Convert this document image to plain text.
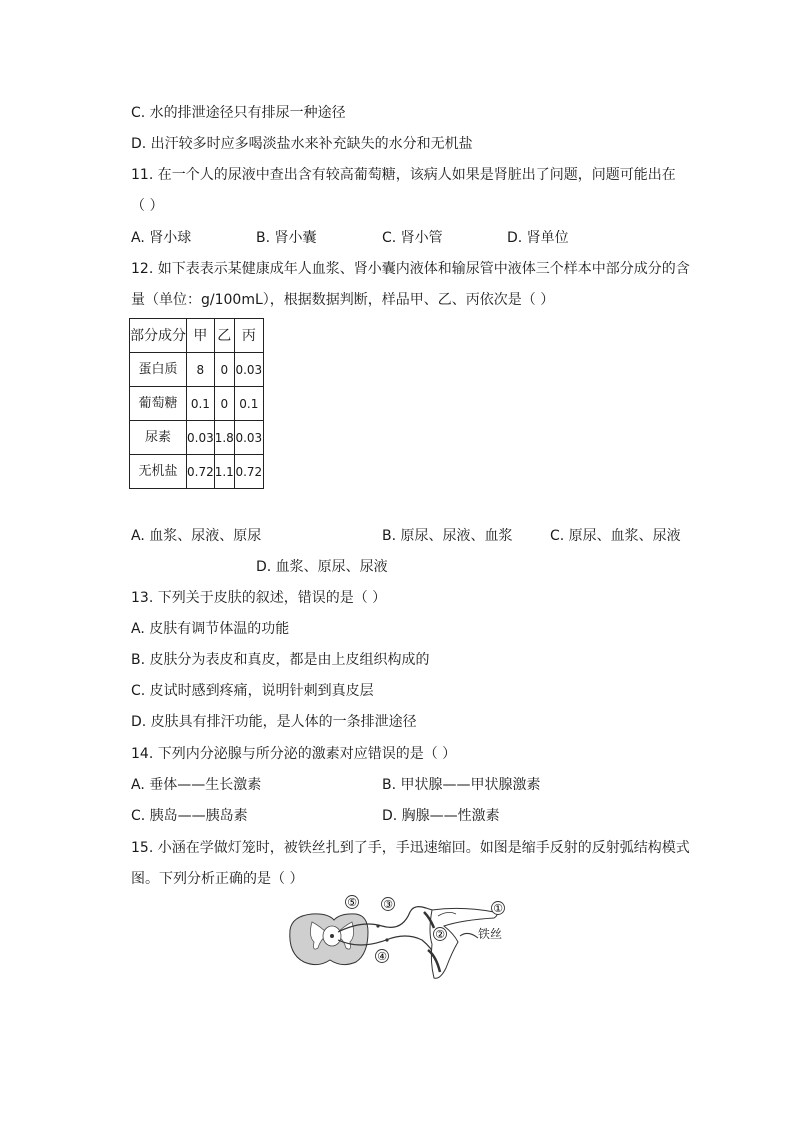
C. 水的排泄途径只有排尿一种途径
D. 出汗较多时应多喝淡盐水来补充缺失的水分和无机盐
11. 在一个人的尿液中查出含有较高葡萄糖，该病人如果是肾脏出了问题，问题可能出在
（ ）
A. 肾小球	B. 肾小囊	C. 肾小管	D. 肾单位
12. 如下表表示某健康成年人血浆、肾小囊内液体和输尿管中液体三个样本中部分成分的含
量（单位：g/100mL），根据数据判断，样品甲、乙、丙依次是（ ）
部分成分	甲	乙	丙
蛋白质	8	0	0.03
葡萄糖	0.1	0	0.1
尿素	0.03	1.8	0.03
无机盐	0.72	1.1	0.72
A. 血浆、尿液、原尿	B. 原尿、尿液、血浆	C. 原尿、血浆、尿液
D. 血浆、原尿、尿液
13. 下列关于皮肤的叙述，错误的是（ ）
A. 皮肤有调节体温的功能
B. 皮肤分为表皮和真皮，都是由上皮组织构成的
C. 皮试时感到疼痛，说明针刺到真皮层
D. 皮肤具有排汗功能，是人体的一条排泄途径
14. 下列内分泌腺与所分泌的激素对应错误的是（ ）
A. 垂体——生长激素	B. 甲状腺——甲状腺激素
C. 胰岛——胰岛素	D. 胸腺——性激素
15. 小涵在学做灯笼时，被铁丝扎到了手，手迅速缩回。如图是缩手反射的反射弧结构模式
图。下列分析正确的是（ ）
⑤ ③	①
②
④
铁丝
